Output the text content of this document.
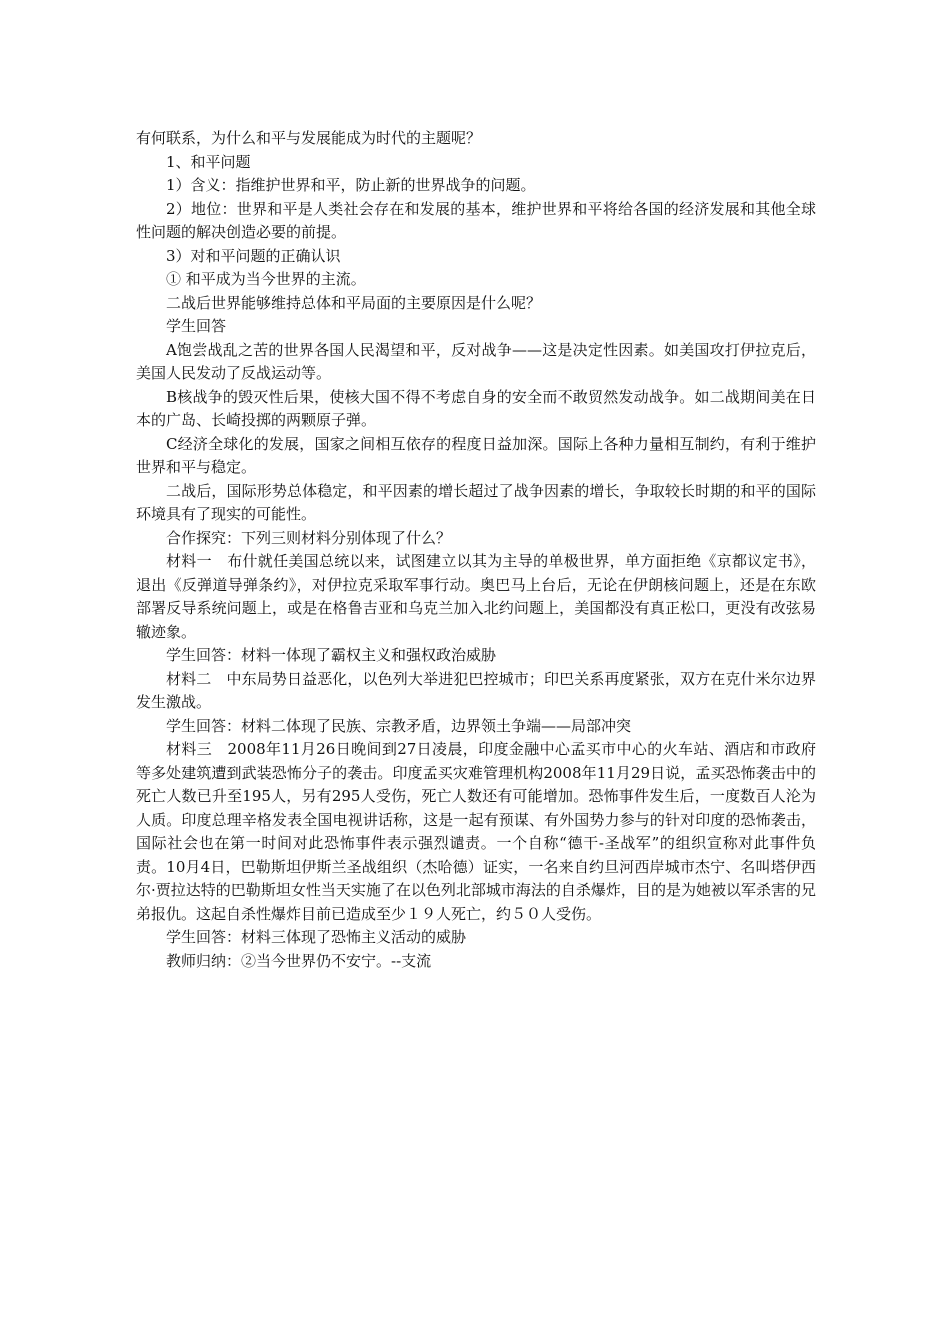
有何联系，为什么和平与发展能成为时代的主题呢？

1、和平问题

1）含义：指维护世界和平，防止新的世界战争的问题。

2）地位：世界和平是人类社会存在和发展的基本，维护世界和平将给各国的经济发展和其他全球性问题的解决创造必要的前提。

3）对和平问题的正确认识

① 和平成为当今世界的主流。

二战后世界能够维持总体和平局面的主要原因是什么呢？

学生回答

A饱尝战乱之苦的世界各国人民渴望和平，反对战争——这是决定性因素。如美国攻打伊拉克后，美国人民发动了反战运动等。

B核战争的毁灭性后果，使核大国不得不考虑自身的安全而不敢贸然发动战争。如二战期间美在日本的广岛、长崎投掷的两颗原子弹。

C经济全球化的发展，国家之间相互依存的程度日益加深。国际上各种力量相互制约，有利于维护世界和平与稳定。

二战后，国际形势总体稳定，和平因素的增长超过了战争因素的增长，争取较长时期的和平的国际环境具有了现实的可能性。

合作探究：下列三则材料分别体现了什么？

材料一　布什就任美国总统以来，试图建立以其为主导的单极世界，单方面拒绝《京都议定书》，退出《反弹道导弹条约》，对伊拉克采取军事行动。奥巴马上台后，无论在伊朗核问题上，还是在东欧部署反导系统问题上，或是在格鲁吉亚和乌克兰加入北约问题上，美国都没有真正松口，更没有改弦易辙迹象。

学生回答：材料一体现了霸权主义和强权政治威胁

材料二　中东局势日益恶化，以色列大举进犯巴控城市；印巴关系再度紧张，双方在克什米尔边界发生激战。

学生回答：材料二体现了民族、宗教矛盾，边界领土争端——局部冲突

材料三　2008年11月26日晚间到27日凌晨，印度金融中心孟买市中心的火车站、酒店和市政府等多处建筑遭到武装恐怖分子的袭击。印度孟买灾难管理机构2008年11月29日说，孟买恐怖袭击中的死亡人数已升至195人，另有295人受伤，死亡人数还有可能增加。恐怖事件发生后，一度数百人沦为人质。印度总理辛格发表全国电视讲话称，这是一起有预谋、有外国势力参与的针对印度的恐怖袭击，国际社会也在第一时间对此恐怖事件表示强烈谴责。一个自称“德干-圣战军”的组织宣称对此事件负责。10月4日，巴勒斯坦伊斯兰圣战组织（杰哈德）证实，一名来自约旦河西岸城市杰宁、名叫塔伊西尔·贾拉达特的巴勒斯坦女性当天实施了在以色列北部城市海法的自杀爆炸，目的是为她被以军杀害的兄弟报仇。这起自杀性爆炸目前已造成至少１９人死亡，约５０人受伤。

学生回答：材料三体现了恐怖主义活动的威胁

教师归纳：②当今世界仍不安宁。--支流
